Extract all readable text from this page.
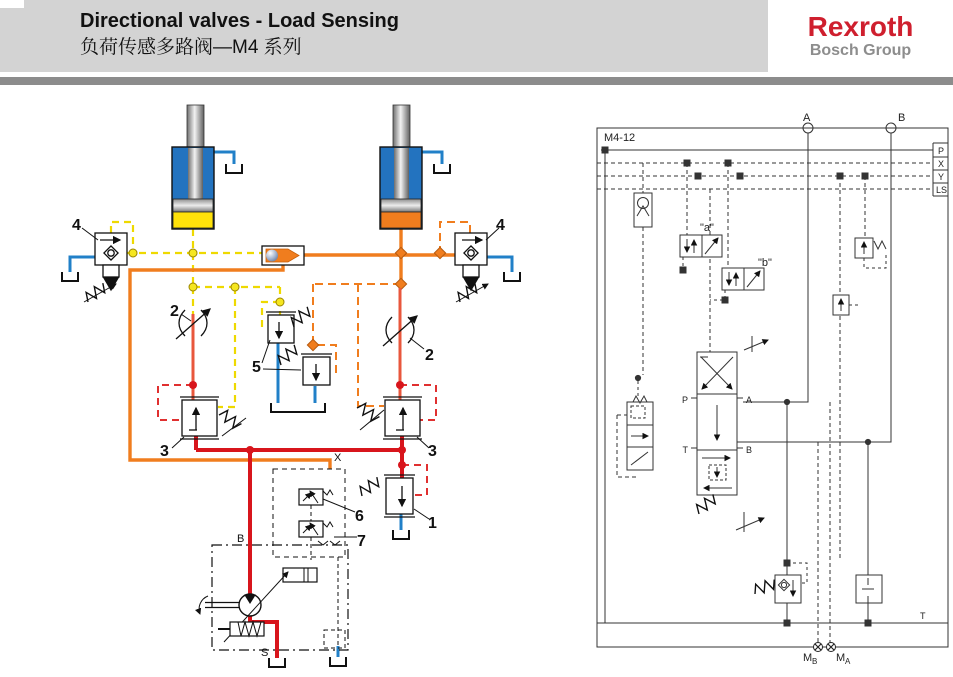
Directional valves - Load Sensing
负荷传感多路阀—M4 系列
Rexroth
Bosch Group
4	4
2
2
5
3	3
1
6
7
X
B
S
M4-12
A	B
P
X
Y
LS
"a"
"b"
P	A
T	B
T
M B M A
